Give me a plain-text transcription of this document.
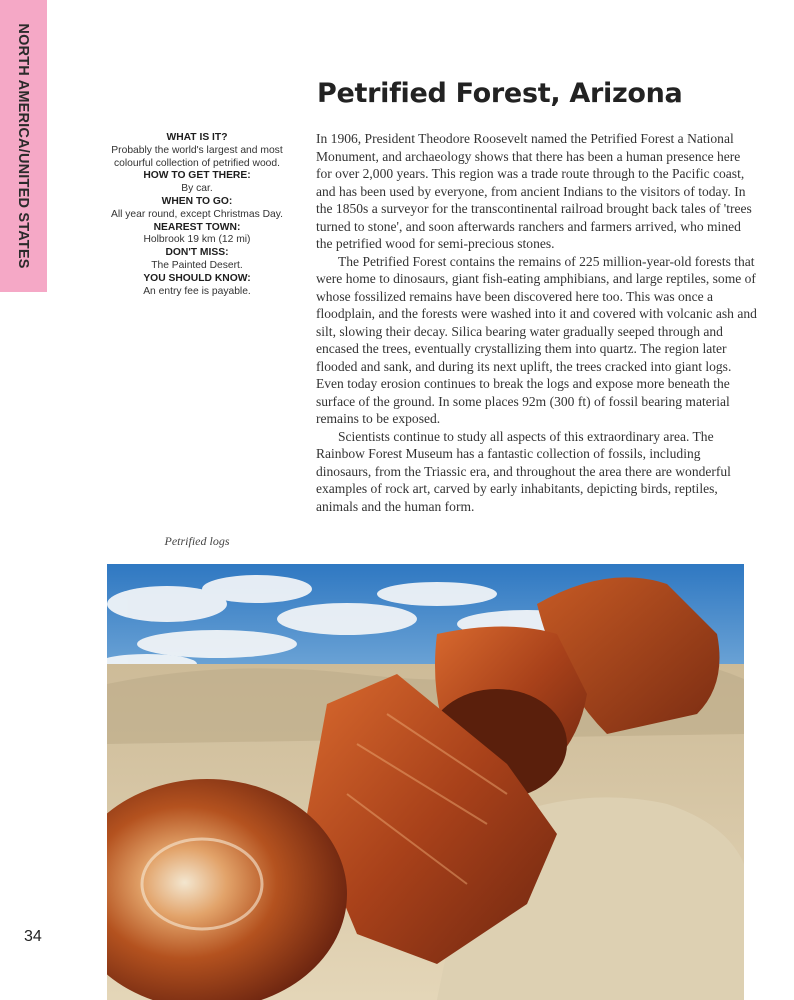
NORTH AMERICA/UNITED STATES	Petrified Forest, Arizona
WHAT IS IT?
Probably the world's largest and most colourful collection of petrified wood.
HOW TO GET THERE:
By car.
WHEN TO GO:
All year round, except Christmas Day.
NEAREST TOWN:
Holbrook 19 km (12 mi)
DON'T MISS:
The Painted Desert.
YOU SHOULD KNOW:
An entry fee is payable.
Petrified logs

In 1906, President Theodore Roosevelt named the Petrified Forest a National Monument, and archaeology shows that there has been a human presence here for over 2,000 years. This region was a trade route through to the Pacific coast, and has been used by everyone, from ancient Indians to the visitors of today. In the 1850s a surveyor for the transcontinental railroad brought back tales of 'trees turned to stone', and soon afterwards ranchers and farmers arrived, who mined the petrified wood for semi-precious stones.

The Petrified Forest contains the remains of 225 million-year-old forests that were home to dinosaurs, giant fish-eating amphibians, and large reptiles, some of whose fossilized remains have been discovered here too. This was once a floodplain, and the forests were washed into it and covered with volcanic ash and silt, slowing their decay. Silica bearing water gradually seeped through and encased the trees, eventually crystallizing them into quartz. The region later flooded and sank, and during its next uplift, the trees cracked into giant logs. Even today erosion continues to break the logs and expose more beneath the surface of the ground. In some places 92m (300 ft) of fossil bearing material remains to be exposed.

Scientists continue to study all aspects of this extraordinary area. The Rainbow Forest Museum has a fantastic collection of fossils, including dinosaurs, from the Triassic era, and throughout the area there are wonderful examples of rock art, carved by early inhabitants, depicting birds, reptiles, animals and the human form.

34
